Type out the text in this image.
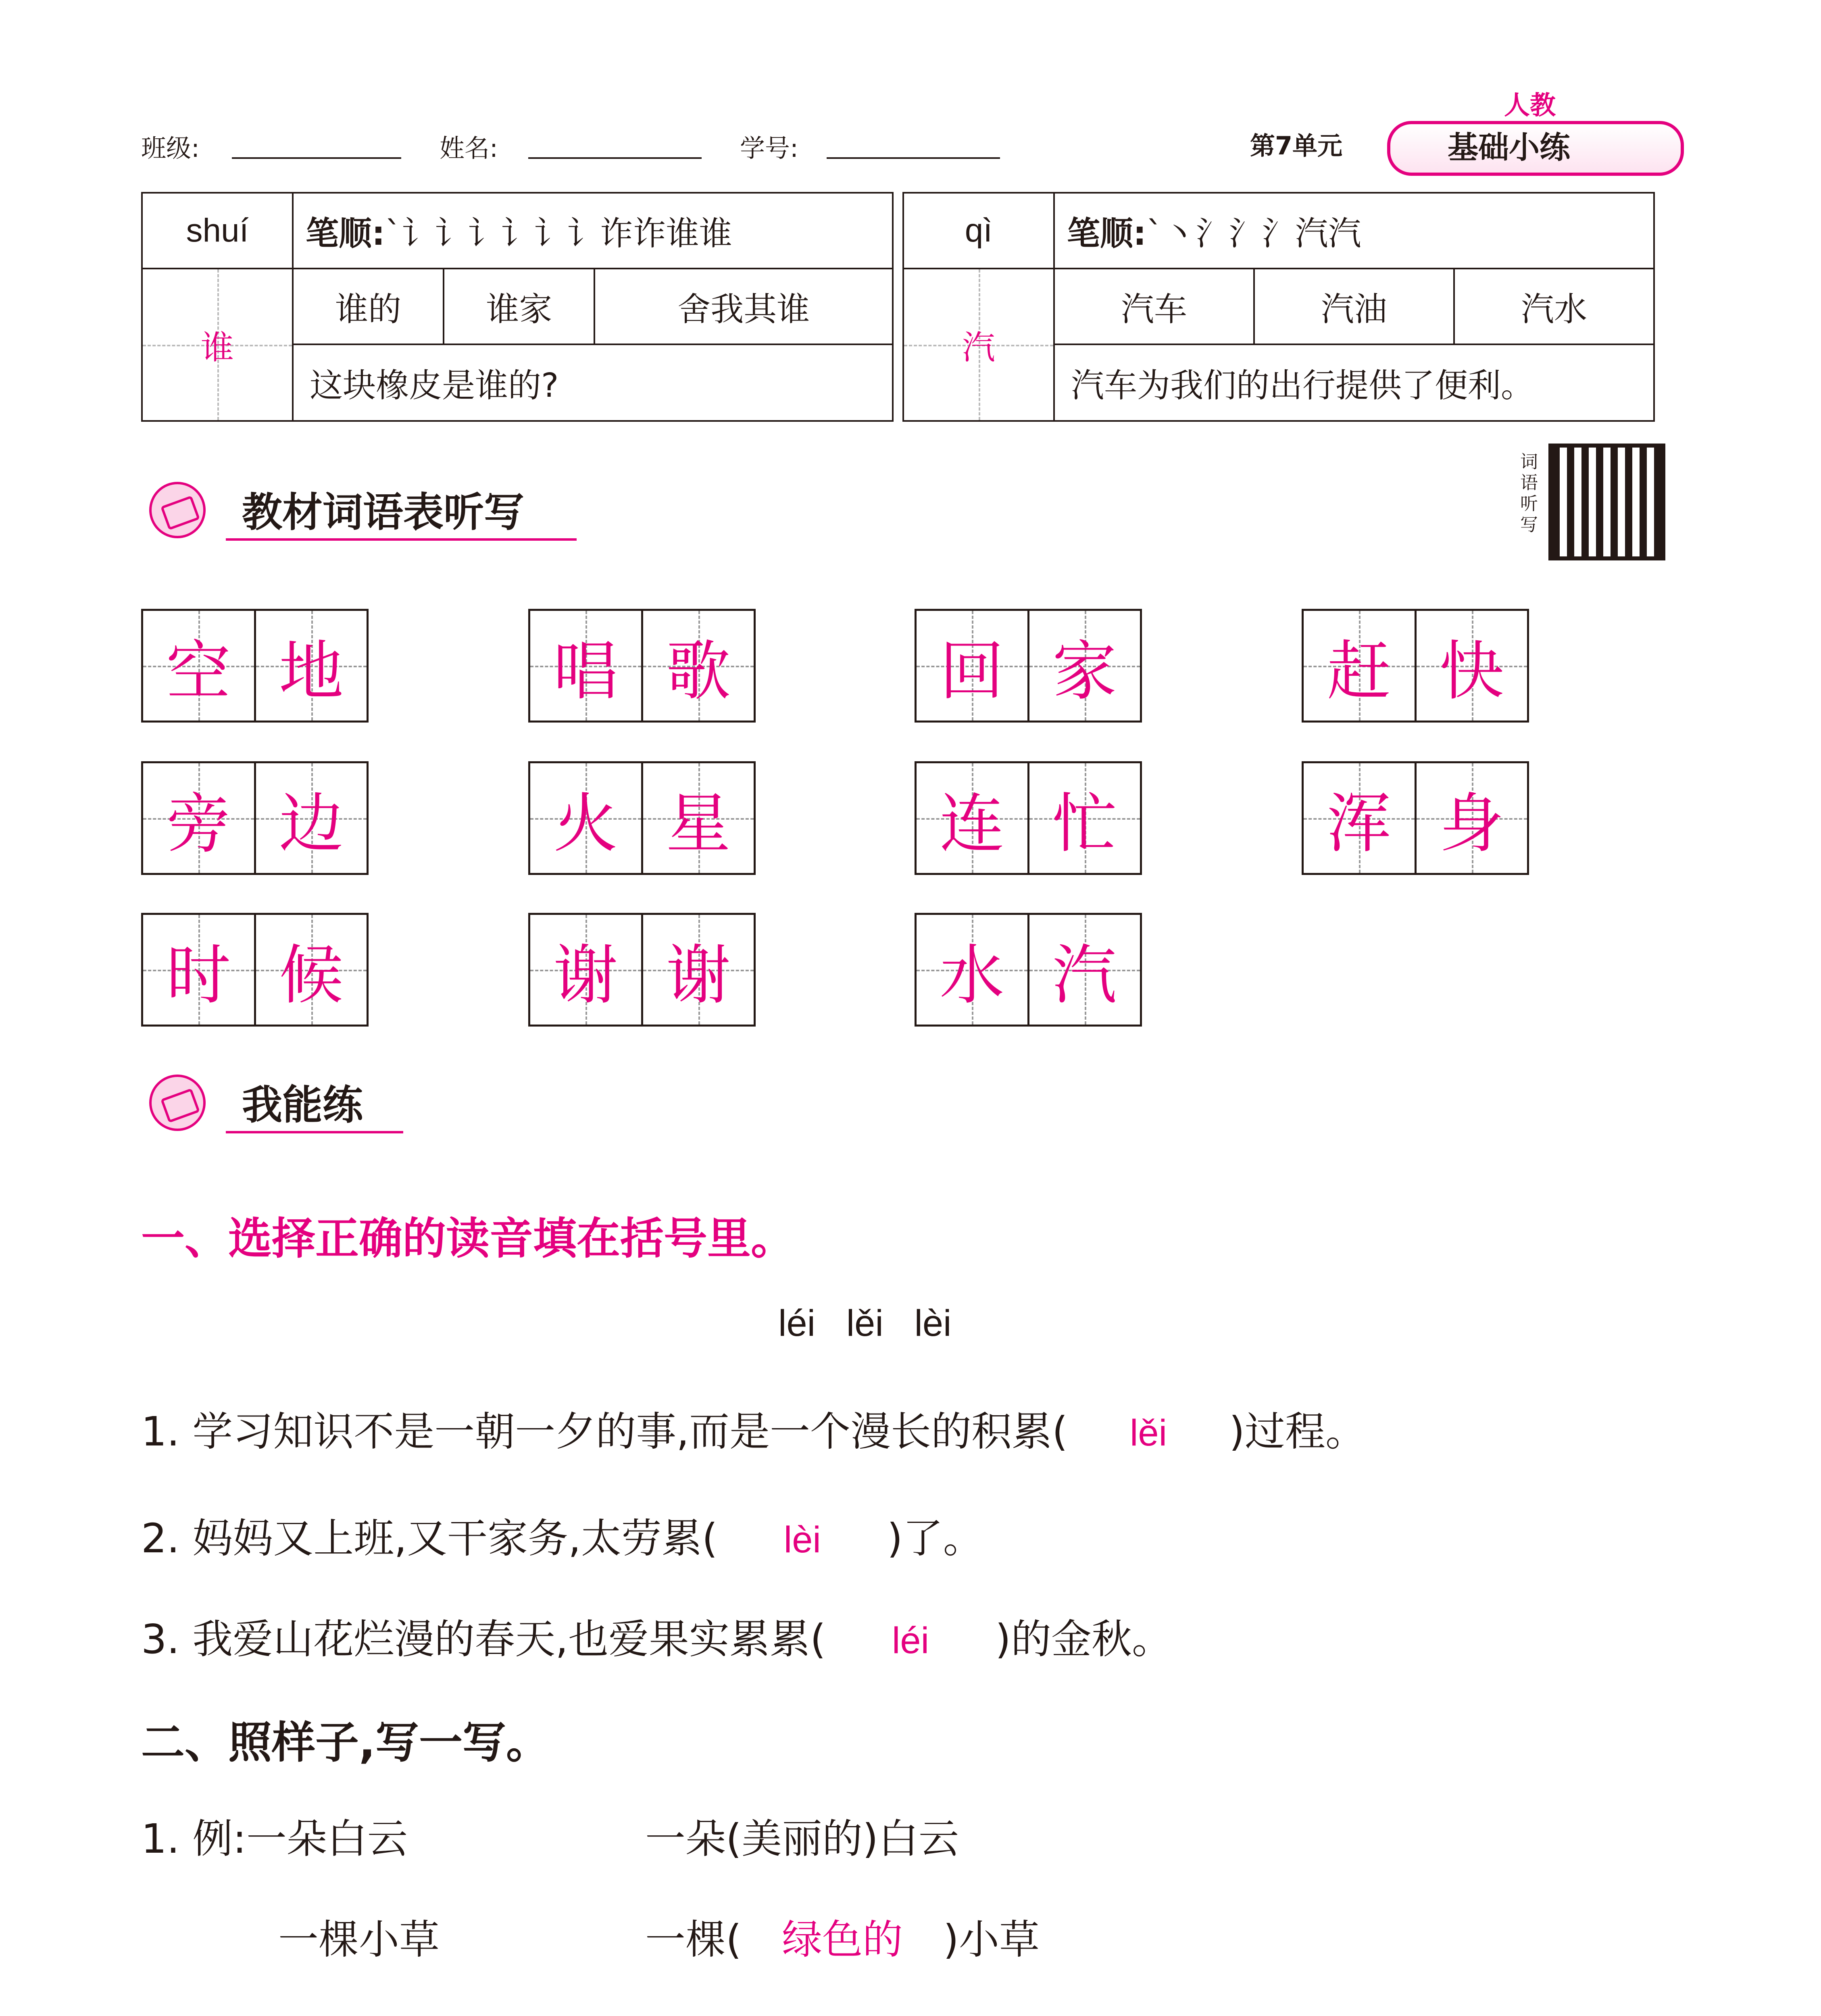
班级:	姓名:	学号:	第7单元
人教
基础小练
shuí	笔顺:`讠讠讠讠讠讠诈诈谁谁		

谁	谁的	谁家	舍我其谁
	这块橡皮是谁的?		
qì	笔顺:`丶氵氵氵汽汽		

汽	汽车	汽油	汽水
	汽车为我们的出行提供了便利。		
词语听写
教材词语表听写
空 地	唱 歌	回 家	赶 快
旁 边	火 星	连 忙	浑 身
时 候	谢 谢	水 汽
我能练
一、选择正确的读音填在括号里。
léi   lěi   lèi
1. 学习知识不是一朝一夕的事,而是一个漫长的积累( lěi )过程。
2. 妈妈又上班,又干家务,太劳累( lèi )了。
3. 我爱山花烂漫的春天,也爱果实累累( léi )的金秋。
二、照样子,写一写。
1. 例:一朵白云	一朵(美丽的)白云
一棵小草	一棵( 绿色的 )小草
